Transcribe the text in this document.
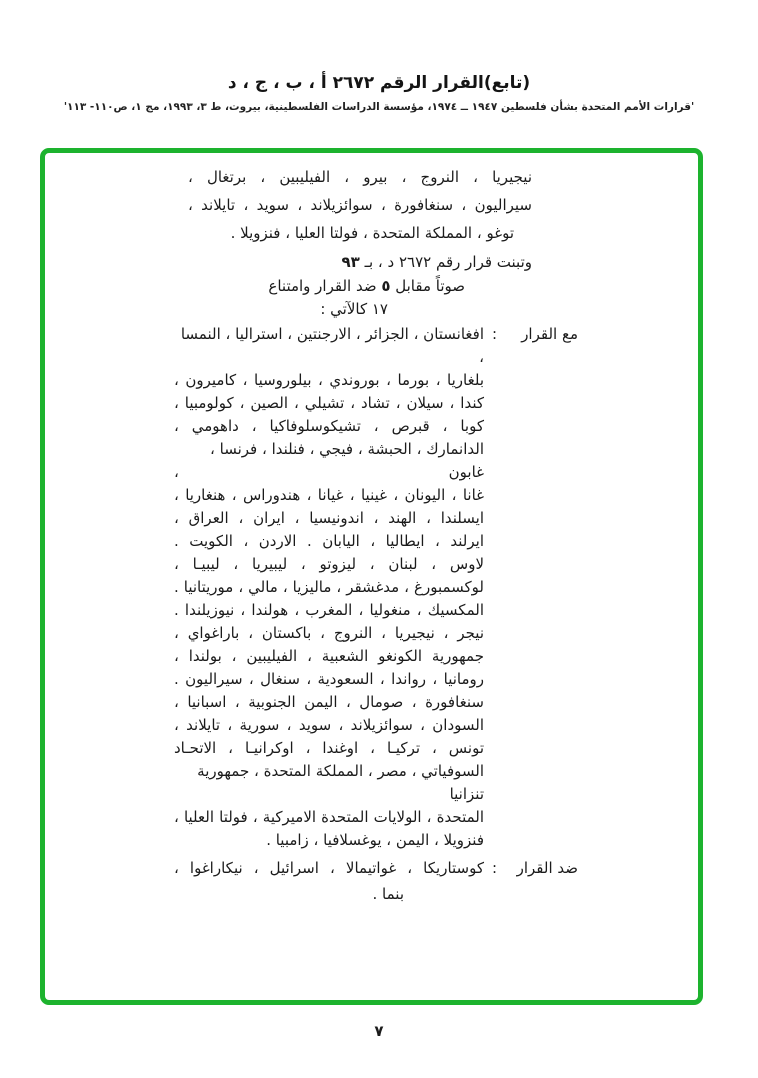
(تابع)القرار الرقم ٢٦٧٢ أ ، ب ، ج ، د
'قرارات الأمم المتحدة بشأن فلسطين ١٩٤٧ ــ ١٩٧٤، مؤسسة الدراسات الفلسطينية، بيروت، ط ٣، ١٩٩٣، مج ١، ص١١٠- ١١٣'
نيجيريا ، النروج ، بيرو ، الفيليبين ، برتغال ،
سيراليون ، سنغافورة ، سوائزيلاند ، سويد ، تايلاند ،
توغو ، المملكة المتحدة ، فولتا العليا ، فنزويلا .
وتبنت قرار رقم ٢٦٧٢ د ، بـ ٩٣
صوتاً مقابل ٥ ضد القرار وامتناع
١٧ كالآتي :
مع القرار
:
افغانستان ، الجزائر ، الارجنتين ، استراليا ، النمسا ،
بلغاريا ، بورما ، بوروندي ، بيلوروسيا ، كاميرون ،
كندا ، سيلان ، تشاد ، تشيلي ، الصين ، كولومبيا ،
كوبا ، قبرص ، تشيكوسلوفاكيا ، داهومي ،
الدانمارك ، الحبشة ، فيجي ، فنلندا ، فرنسا ، غابون ،
غانا ، اليونان ، غينيا ، غيانا ، هندوراس ، هنغاريا ،
ايسلندا ، الهند ، اندونيسيا ، ايران ، العراق ،
ايرلند ، ايطاليا ، اليابان . الاردن ، الكويت .
لاوس ، لبنان ، ليزوتو ، ليبيريا ، ليبيـا ،
لوكسمبورغ ، مدغشقر ، ماليزيا ، مالي ، موريتانيا .
المكسيك ، منغوليا ، المغرب ، هولندا ، نيوزيلندا .
نيجر ، نيجيريا ، النروج ، باكستان ، باراغواي ،
جمهورية الكونغو الشعبية ، الفيليبين ، بولندا ،
رومانيا ، رواندا ، السعودية ، سنغال ، سيراليون .
سنغافورة ، صومال ، اليمن الجنوبية ، اسبانيا ،
السودان ، سوائزيلاند ، سويد ، سورية ، تايلاند ،
تونس ، تركيـا ، اوغندا ، اوكرانيـا ، الاتحـاد
السوفياتي ، مصر ، المملكة المتحدة ، جمهورية تنزانيا
المتحدة ، الولايات المتحدة الاميركية ، فولتا العليا ،
فنزويلا ، اليمن ، يوغسلافيا ، زامبيا .
ضد القرار
:
كوستاريكا ، غواتيمالا ، اسرائيل ، نيكاراغوا ،
بنما .
٧
